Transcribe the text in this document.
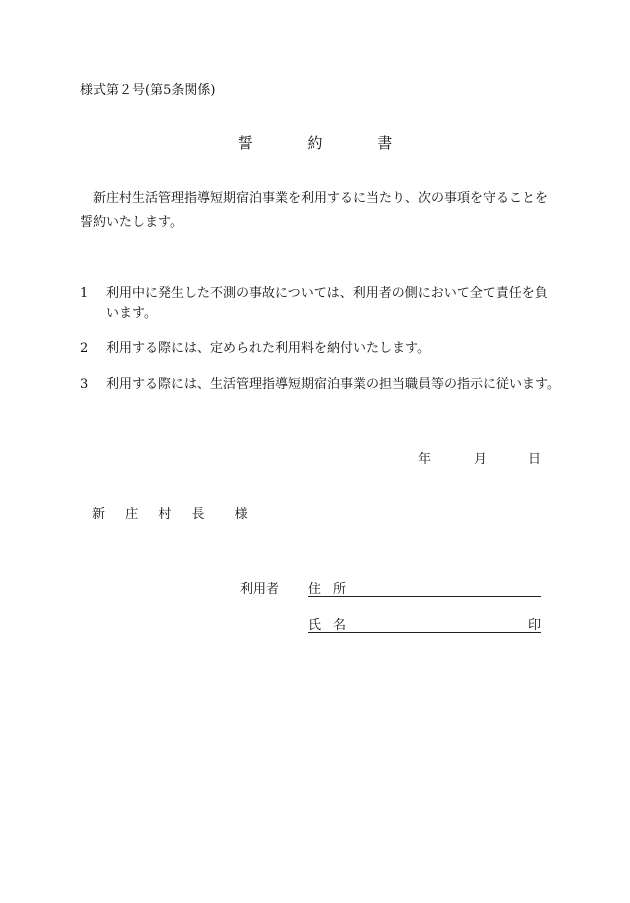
様式第２号(第5条関係)
誓	約	書
新庄村生活管理指導短期宿泊事業を利用するに当たり、次の事項を守ることを
誓約いたします。
1 利用中に発生した不測の事故については、利用者の側において全て責任を負
います。
2 利用する際には、定められた利用料を納付いたします。
3 利用する際には、生活管理指導短期宿泊事業の担当職員等の指示に従います。
年	月	日
新 庄 村 長 様
利用者 住 所
氏 名	印
